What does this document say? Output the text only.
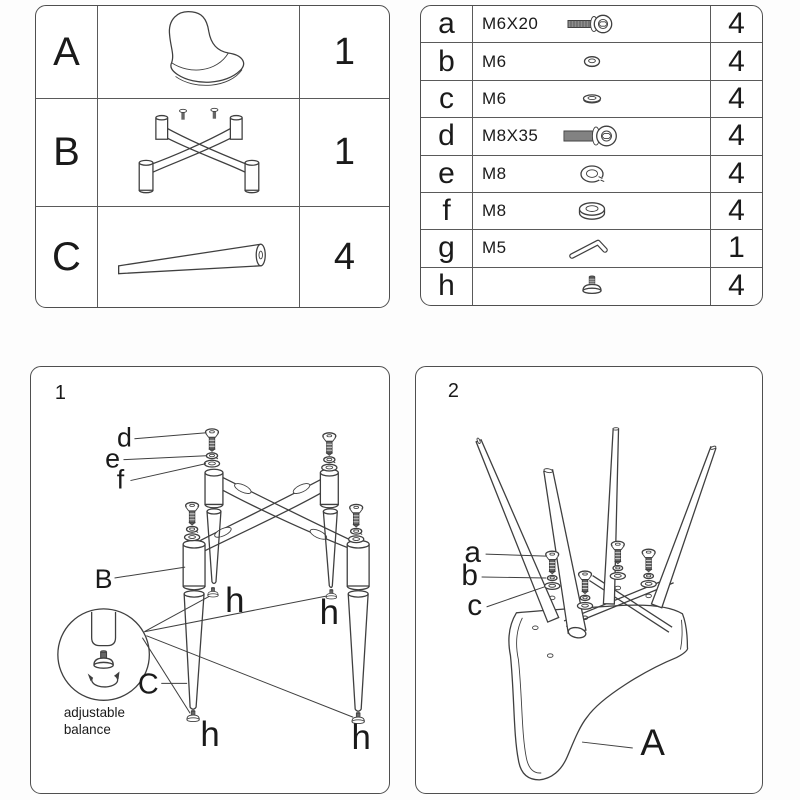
A	1
B	1
C	4
a	M6X20	4
b	M6	4
c	M6	4
d	M8X35	4
e	M8	4
f	M8	4
g	M5	1
h	4
1
d
e
f
B
C
h h
h	h
adjustable
balance
2
a
b
c
A
